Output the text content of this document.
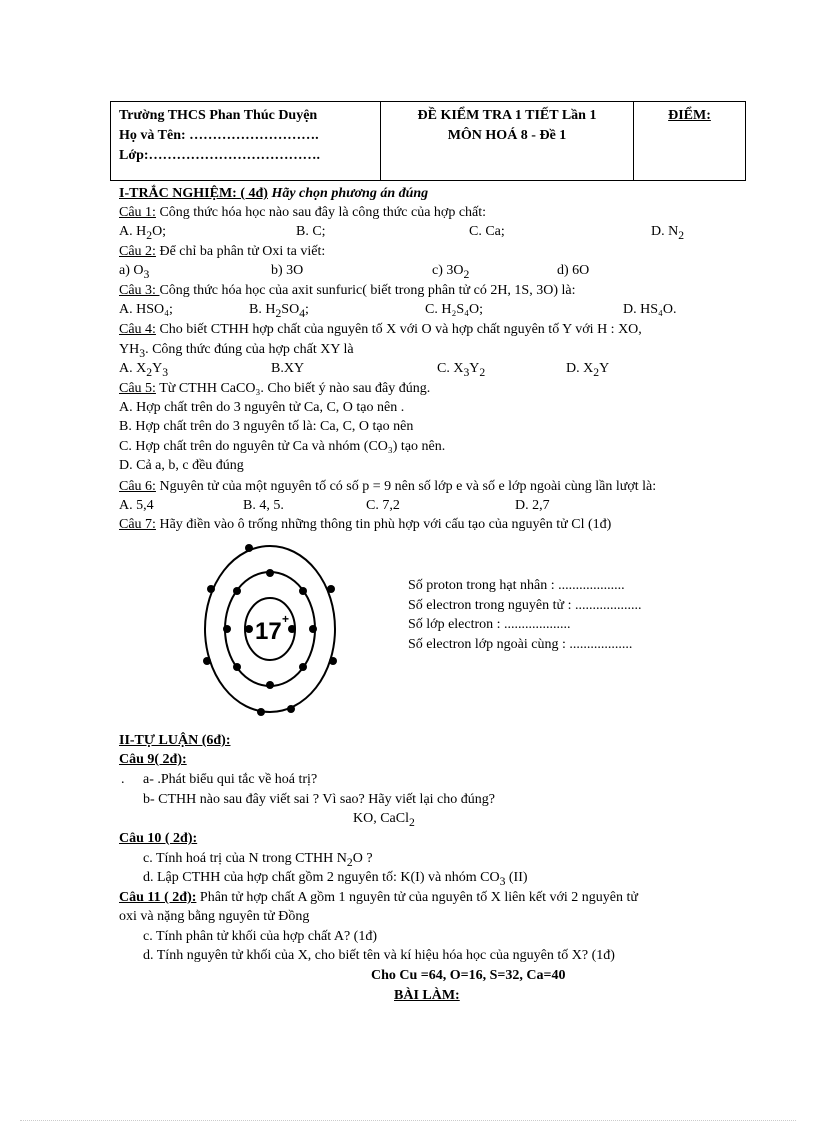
Trường THCS Phan Thúc Duyện
Họ và Tên: ……………………….
Lớp:……………………………….
ĐỀ KIỂM TRA 1 TIẾT Lần 1
MÔN HOÁ 8 - Đề 1
ĐIỂM:
I-TRẮC NGHIỆM: ( 4đ) Hãy chọn phương án đúng
Câu 1: Công thức hóa học nào sau đây là công thức của hợp chất:
A. $H_2O$;	B. C;	C. Ca;	D. $N_2$
Câu 2: Để chỉ ba phân tử Oxi ta viết:
a) $O_3$	b) 3O	c) $3O_2$	d) 6O
Câu 3: Công thức hóa học của axit sunfuric( biết trong phân tử có 2H, 1S, 3O) là:
A. HSO₄;	B. $H_2SO_4$;	C. H₂S₄O;	D. HS₄O.
Câu 4: Cho biết CTHH hợp chất của nguyên tố X với O và hợp chất nguyên tố Y với H : XO,
$YH_3$. Công thức đúng của hợp chất XY là
A. $X_2Y_3$	B.XY	C. $X_3Y_2$	D. $X_2Y$
Câu 5: Từ CTHH CaCO₃. Cho biết ý nào sau đây đúng.
A. Hợp chất trên do 3 nguyên tử Ca, C, O tạo nên .
B. Hợp chất trên do 3 nguyên tố là: Ca, C, O tạo nên
C. Hợp chất trên do nguyên tử Ca và nhóm (CO₃) tạo nên.
D. Cả a, b, c đều đúng
Câu 6: Nguyên tử của một nguyên tố có số p = 9 nên số lớp e và số e lớp ngoài cùng lần lượt là:
A. 5,4	B. 4, 5.	C. 7,2	D. 2,7
Câu 7: Hãy điền vào ô trống những thông tin phù hợp với cấu tạo của nguyên tử Cl (1đ)
17 +
Số proton trong hạt nhân : ...................
Số electron trong nguyên tử : ...................
Số lớp electron : ...................
Số electron lớp ngoài cùng : ..................
II-TỰ LUẬN (6đ):
Câu 9( 2đ):
. a- .Phát biểu qui tắc về hoá trị?
b- CTHH nào sau đây viết sai ? Vì sao? Hãy viết lại cho đúng?
KO, CaCl$_2$
Câu 10 ( 2đ):
c. Tính hoá trị của N trong CTHH $N_2O$ ?
d. Lập CTHH của hợp chất gồm 2 nguyên tố: K(I) và nhóm $CO_3$ (II)
Câu 11 ( 2đ): Phân tử hợp chất A gồm 1 nguyên tử của nguyên tố X liên kết với 2 nguyên tử
oxi và nặng bằng nguyên tử Đồng
c. Tính phân tử khối của hợp chất A? (1đ)
d. Tính nguyên tử khối của X, cho biết tên và kí hiệu hóa học của nguyên tố X? (1đ)
Cho Cu =64, O=16, S=32, Ca=40
BÀI LÀM:
